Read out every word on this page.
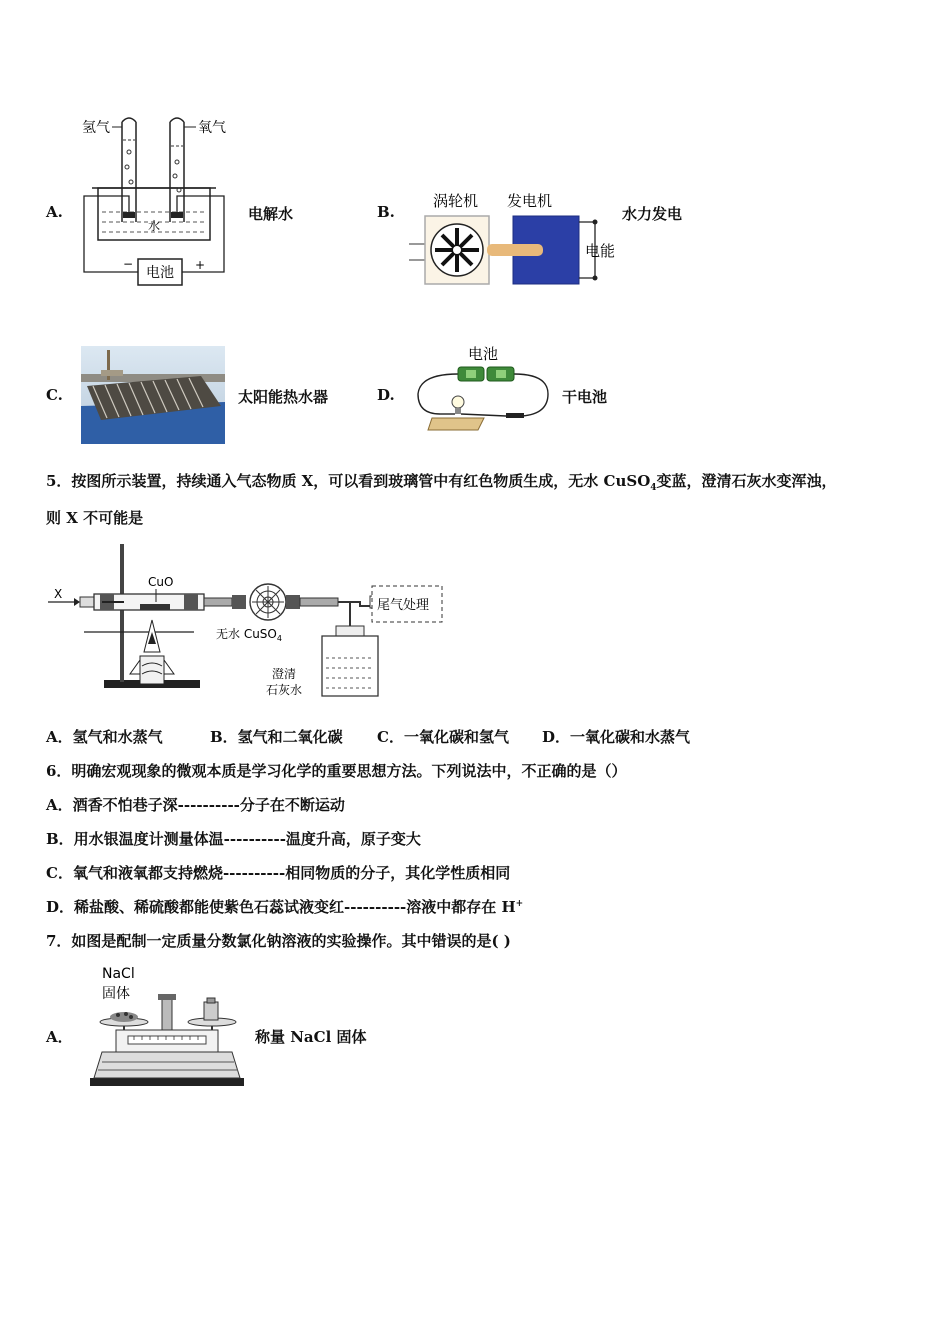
A.
电池
−	+
水
氢气	氧气
电解水	B.
涡轮机 发电机
电能
水力发电
C.	太阳能热水器	D.
电池
干电池
5．按图所示装置，持续通入气态物质 X，可以看到玻璃管中有红色物质生成，无水 CuSO$_4$变蓝，澄清石灰水变浑浊，
则 X 不可能是
X
CuO
无水 CuSO$_4$
澄清
石灰水
尾气处理
A．氢气和水蒸气	B．氢气和二氧化碳 C．一氧化碳和氢气 D．一氧化碳和水蒸气
6．明确宏观现象的微观本质是学习化学的重要思想方法。下列说法中，不正确的是（）
A．酒香不怕巷子深----------分子在不断运动
B．用水银温度计测量体温----------温度升高，原子变大
C．氧气和液氧都支持燃烧----------相同物质的分子，其化学性质相同
D．稀盐酸、稀硫酸都能使紫色石蕊试液变红----------溶液中都存在 H+
7．如图是配制一定质量分数氯化钠溶液的实验操作。其中错误的是( )
A．
NaCl
固体
称量 NaCl 固体
